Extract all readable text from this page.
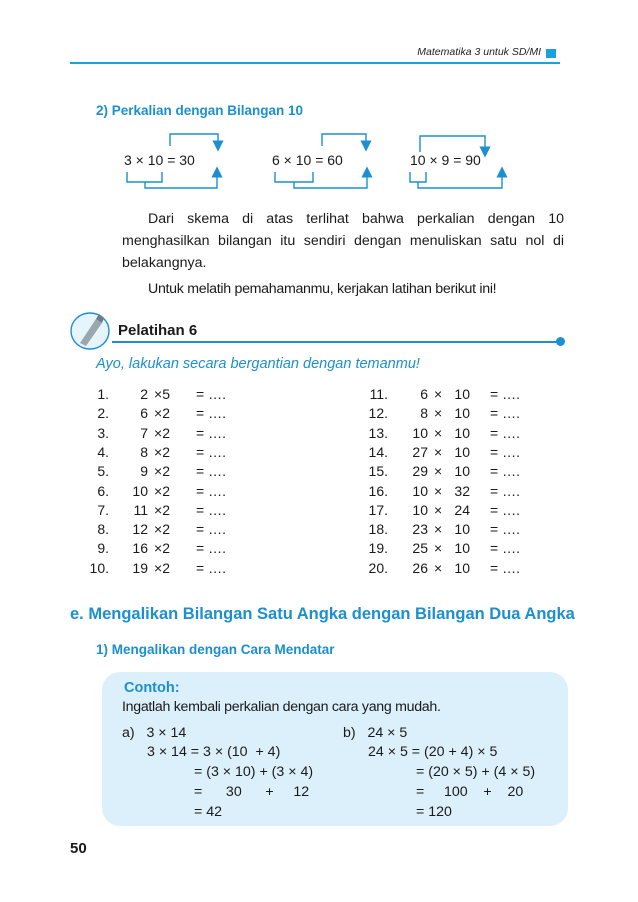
Matematika 3 untuk SD/MI
2) Perkalian dengan Bilangan 10
3 × 10 = 30	6 × 10 = 60	10 × 9 = 90
Dari skema di atas terlihat bahwa perkalian dengan 10 menghasilkan bilangan itu sendiri dengan menuliskan satu nol di belakangnya.
Untuk melatih pemahamanmu, kerjakan latihan berikut ini!
Pelatihan 6
Ayo, lakukan secara bergantian dengan temanmu!
1.	2 × 5 = ….
2.	6 × 2 = ….
3.	7 × 2 = ….
4.	8 × 2 = ….
5.	9 × 2 = ….
6.	10 × 2 = ….
7.	11 × 2 = ….
8.	12 × 2 = ….
9.	16 × 2 = ….
10.	19 × 2 = ….
11.	6 × 10 = ….
12.	8 × 10 = ….
13.	10 × 10 = ….
14.	27 × 10 = ….
15.	29 × 10 = ….
16.	10 × 32 = ….
17.	10 × 24 = ….
18.	23 × 10 = ….
19.	25 × 10 = ….
20.	26 × 10 = ….
e. Mengalikan Bilangan Satu Angka dengan Bilangan Dua Angka
1) Mengalikan dengan Cara Mendatar
Contoh:
Ingatlah kembali perkalian dengan cara yang mudah.
a)   3 × 14
3 × 14 = 3 × (10  + 4)
= (3 × 10) + (3 × 4)
=      30      +     12
= 42
b)   24 × 5
24 × 5 = (20 + 4) × 5
= (20 × 5) + (4 × 5)
=     100    +    20
= 120
50
